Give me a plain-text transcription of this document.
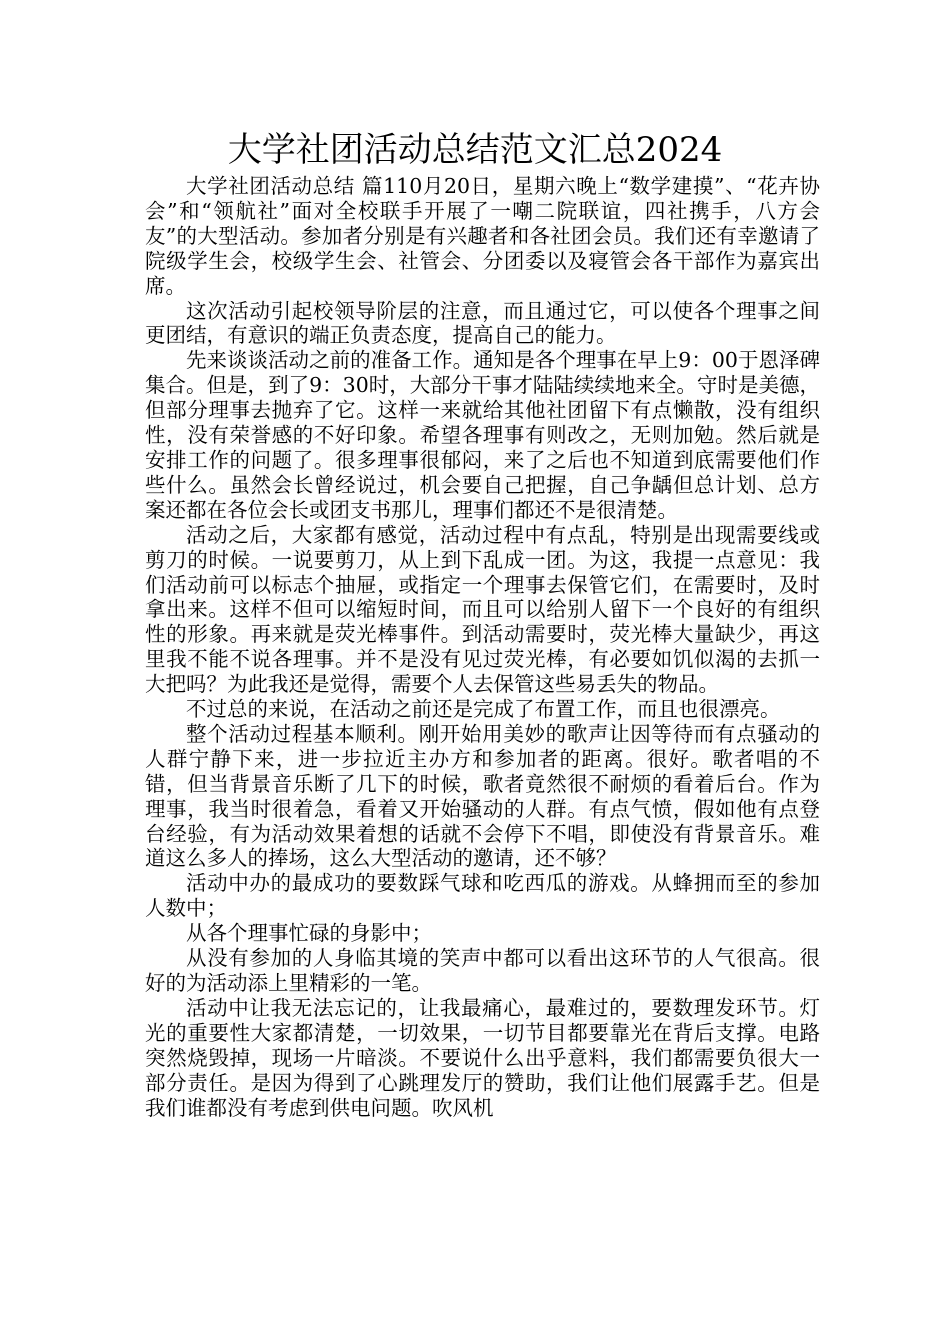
大学社团活动总结范文汇总2024

大学社团活动总结 篇110月20日，星期六晚上“数学建摸”、“花卉协会”和“领航社”面对全校联手开展了一嘲二院联谊，四社携手，八方会友”的大型活动。参加者分别是有兴趣者和各社团会员。我们还有幸邀请了院级学生会，校级学生会、社管会、分团委以及寝管会各干部作为嘉宾出席。

这次活动引起校领导阶层的注意，而且通过它，可以使各个理事之间更团结，有意识的端正负责态度，提高自己的能力。

先来谈谈活动之前的准备工作。通知是各个理事在早上9：00于恩泽碑集合。但是，到了9：30时，大部分干事才陆陆续续地来全。守时是美德，但部分理事去抛弃了它。这样一来就给其他社团留下有点懒散，没有组织性，没有荣誉感的不好印象。希望各理事有则改之，无则加勉。然后就是安排工作的问题了。很多理事很郁闷，来了之后也不知道到底需要他们作些什么。虽然会长曾经说过，机会要自己把握，自己争龋但总计划、总方案还都在各位会长或团支书那儿，理事们都还不是很清楚。

活动之后，大家都有感觉，活动过程中有点乱，特别是出现需要线或剪刀的时候。一说要剪刀，从上到下乱成一团。为这，我提一点意见：我们活动前可以标志个抽屉，或指定一个理事去保管它们，在需要时，及时拿出来。这样不但可以缩短时间，而且可以给别人留下一个良好的有组织性的形象。再来就是荧光棒事件。到活动需要时，荧光棒大量缺少，再这里我不能不说各理事。并不是没有见过荧光棒，有必要如饥似渴的去抓一大把吗？为此我还是觉得，需要个人去保管这些易丢失的物品。

不过总的来说，在活动之前还是完成了布置工作，而且也很漂亮。

整个活动过程基本顺利。刚开始用美妙的歌声让因等待而有点骚动的人群宁静下来，进一步拉近主办方和参加者的距离。很好。歌者唱的不错，但当背景音乐断了几下的时候，歌者竟然很不耐烦的看着后台。作为理事，我当时很着急，看着又开始骚动的人群。有点气愤，假如他有点登台经验，有为活动效果着想的话就不会停下不唱，即使没有背景音乐。难道这么多人的捧场，这么大型活动的邀请，还不够？

活动中办的最成功的要数踩气球和吃西瓜的游戏。从蜂拥而至的参加人数中；

从各个理事忙碌的身影中；

从没有参加的人身临其境的笑声中都可以看出这环节的人气很高。很好的为活动添上里精彩的一笔。

活动中让我无法忘记的，让我最痛心，最难过的，要数理发环节。灯光的重要性大家都清楚，一切效果，一切节目都要靠光在背后支撑。电路突然烧毁掉，现场一片暗淡。不要说什么出乎意料，我们都需要负很大一部分责任。是因为得到了心跳理发厅的赞助，我们让他们展露手艺。但是我们谁都没有考虑到供电问题。吹风机
